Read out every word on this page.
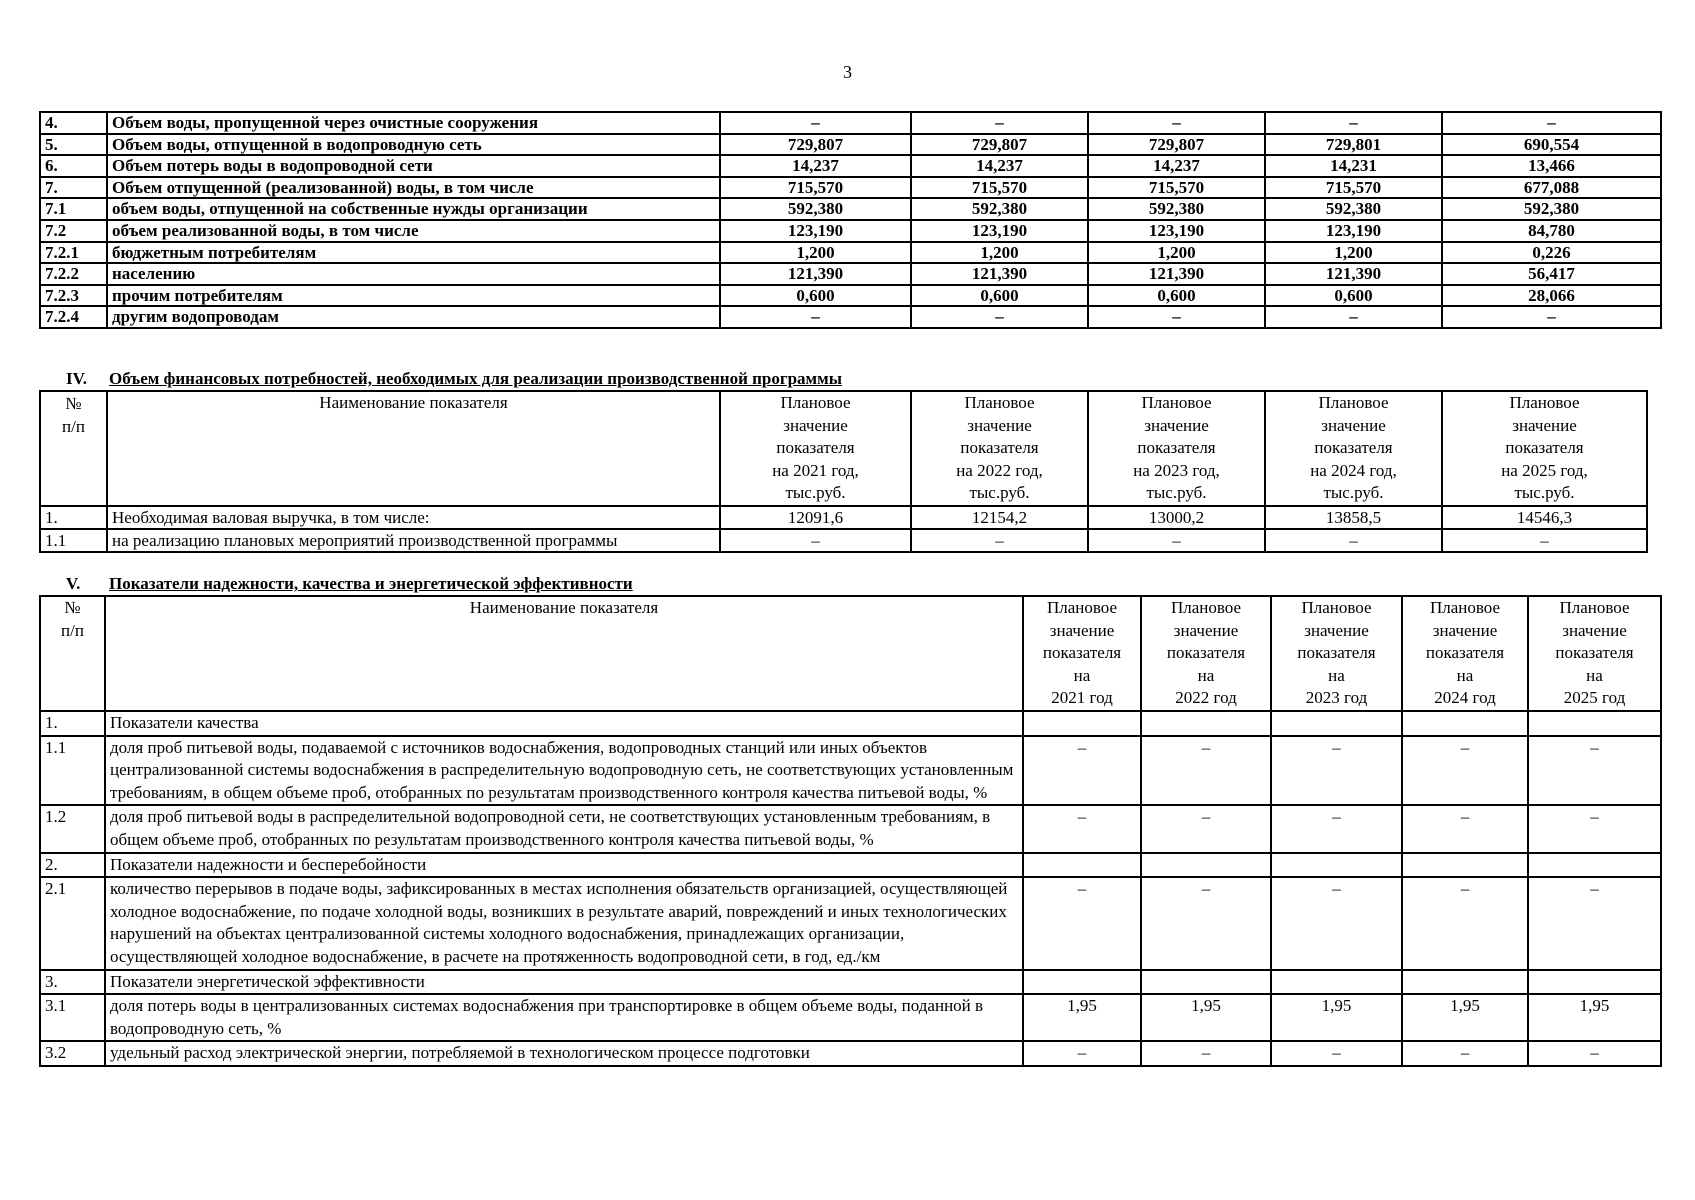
3
4.	Объем воды, пропущенной через очистные сооружения	–	–	–	–	–
5.	Объем воды, отпущенной в водопроводную сеть	729,807	729,807	729,807	729,801	690,554
6.	Объем потерь воды в водопроводной сети	14,237	14,237	14,237	14,231	13,466
7.	Объем отпущенной (реализованной) воды, в том числе	715,570	715,570	715,570	715,570	677,088
7.1	объем воды, отпущенной на собственные нужды организации	592,380	592,380	592,380	592,380	592,380
7.2	объем реализованной воды, в том числе	123,190	123,190	123,190	123,190	84,780
7.2.1	бюджетным потребителям	1,200	1,200	1,200	1,200	0,226
7.2.2	населению	121,390	121,390	121,390	121,390	56,417
7.2.3	прочим потребителям	0,600	0,600	0,600	0,600	28,066
7.2.4	другим водопроводам	–	–	–	–	–
IV. Объем финансовых потребностей, необходимых для реализации производственной программы
№
п/п	Наименование показателя	Плановое
значение
показателя
на 2021 год,
тыс.руб.	Плановое
значение
показателя
на 2022 год,
тыс.руб.	Плановое
значение
показателя
на 2023 год,
тыс.руб.	Плановое
значение
показателя
на 2024 год,
тыс.руб.	Плановое
значение
показателя
на 2025 год,
тыс.руб.
1.	Необходимая валовая выручка, в том числе:	12091,6	12154,2	13000,2	13858,5	14546,3
1.1	на реализацию плановых мероприятий производственной программы	–	–	–	–	–
V. Показатели надежности, качества и энергетической эффективности
№
п/п	Наименование показателя	Плановое
значение
показателя
на
2021 год	Плановое
значение
показателя
на
2022 год	Плановое
значение
показателя
на
2023 год	Плановое
значение
показателя
на
2024 год	Плановое
значение
показателя
на
2025 год
1.	Показатели качества					
1.1	доля проб питьевой воды, подаваемой с источников водоснабжения, водопроводных станций или иных объектов централизованной системы водоснабжения в распределительную водопроводную сеть, не соответствующих установленным требованиям, в общем объеме проб, отобранных по результатам производственного контроля качества питьевой воды, %	–	–	–	–	–
1.2	доля проб питьевой воды в распределительной водопроводной сети, не соответствующих установленным требованиям, в общем объеме проб, отобранных по результатам производственного контроля качества питьевой воды, %	–	–	–	–	–
2.	Показатели надежности и бесперебойности					
2.1	количество перерывов в подаче воды, зафиксированных в местах исполнения обязательств организацией, осуществляющей холодное водоснабжение, по подаче холодной воды, возникших в результате аварий, повреждений и иных технологических нарушений на объектах централизованной системы холодного водоснабжения, принадлежащих организации, осуществляющей холодное водоснабжение, в расчете на протяженность водопроводной сети, в год, ед./км	–	–	–	–	–
3.	Показатели энергетической эффективности					
3.1	доля потерь воды в централизованных системах водоснабжения при транспортировке в общем объеме воды, поданной в водопроводную сеть, %	1,95	1,95	1,95	1,95	1,95
3.2	удельный расход электрической энергии, потребляемой в технологическом процессе подготовки	–	–	–	–	–
